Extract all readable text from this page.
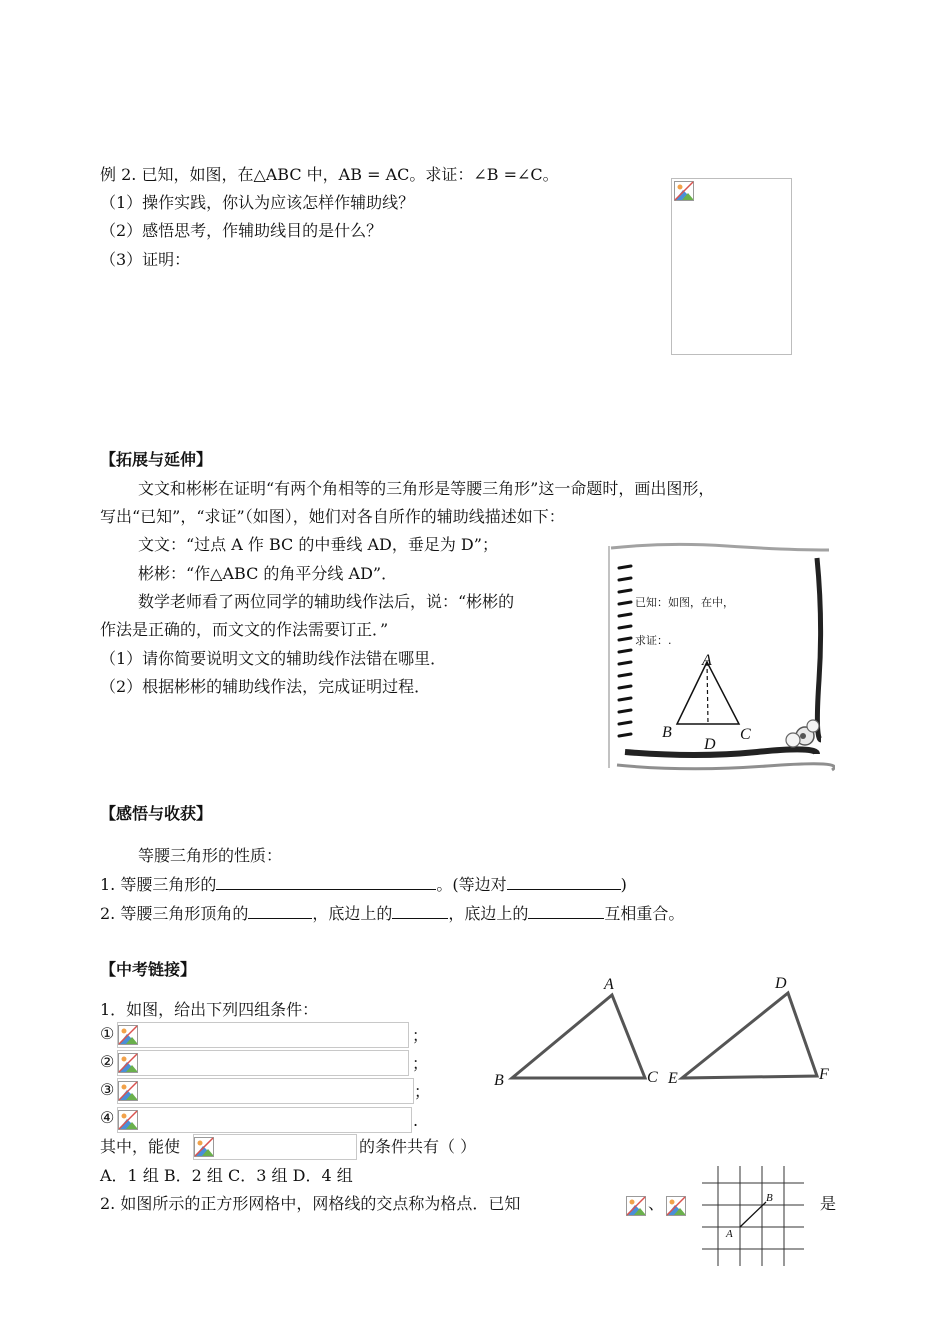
例 2. 已知，如图，在△ABC 中，AB = AC。求证：∠B =∠C。
（1）操作实践，你认为应该怎样作辅助线？
（2）感悟思考，作辅助线目的是什么？
（3）证明：
【拓展与延伸】
文文和彬彬在证明“有两个角相等的三角形是等腰三角形”这一命题时，画出图形，
写出“已知”，“求证”（如图），她们对各自所作的辅助线描述如下：
文文：“过点 A 作 BC 的中垂线 AD，垂足为 D”；
彬彬：“作△ABC 的角平分线 AD”．
数学老师看了两位同学的辅助线作法后，说：“彬彬的
作法是正确的，而文文的作法需要订正．”
（1）请你简要说明文文的辅助线作法错在哪里．
（2）根据彬彬的辅助线作法，完成证明过程．
已知：如图，在中，
求证：.
A
B	C
D
【感悟与收获】
等腰三角形的性质：
1. 等腰三角形的	。(等边对	)
2. 等腰三角形顶角的	，底边上的	，底边上的	互相重合。
【中考链接】
1．如图，给出下列四组条件：
①	；
②	；
③	；
④	.
其中，能使	的条件共有（ ）
A．1 组 B．2 组 C．3 组 D．4 组
2. 如图所示的正方形网格中，网格线的交点称为格点．已知	、	是
A
B	C
D
E	F
A
B
